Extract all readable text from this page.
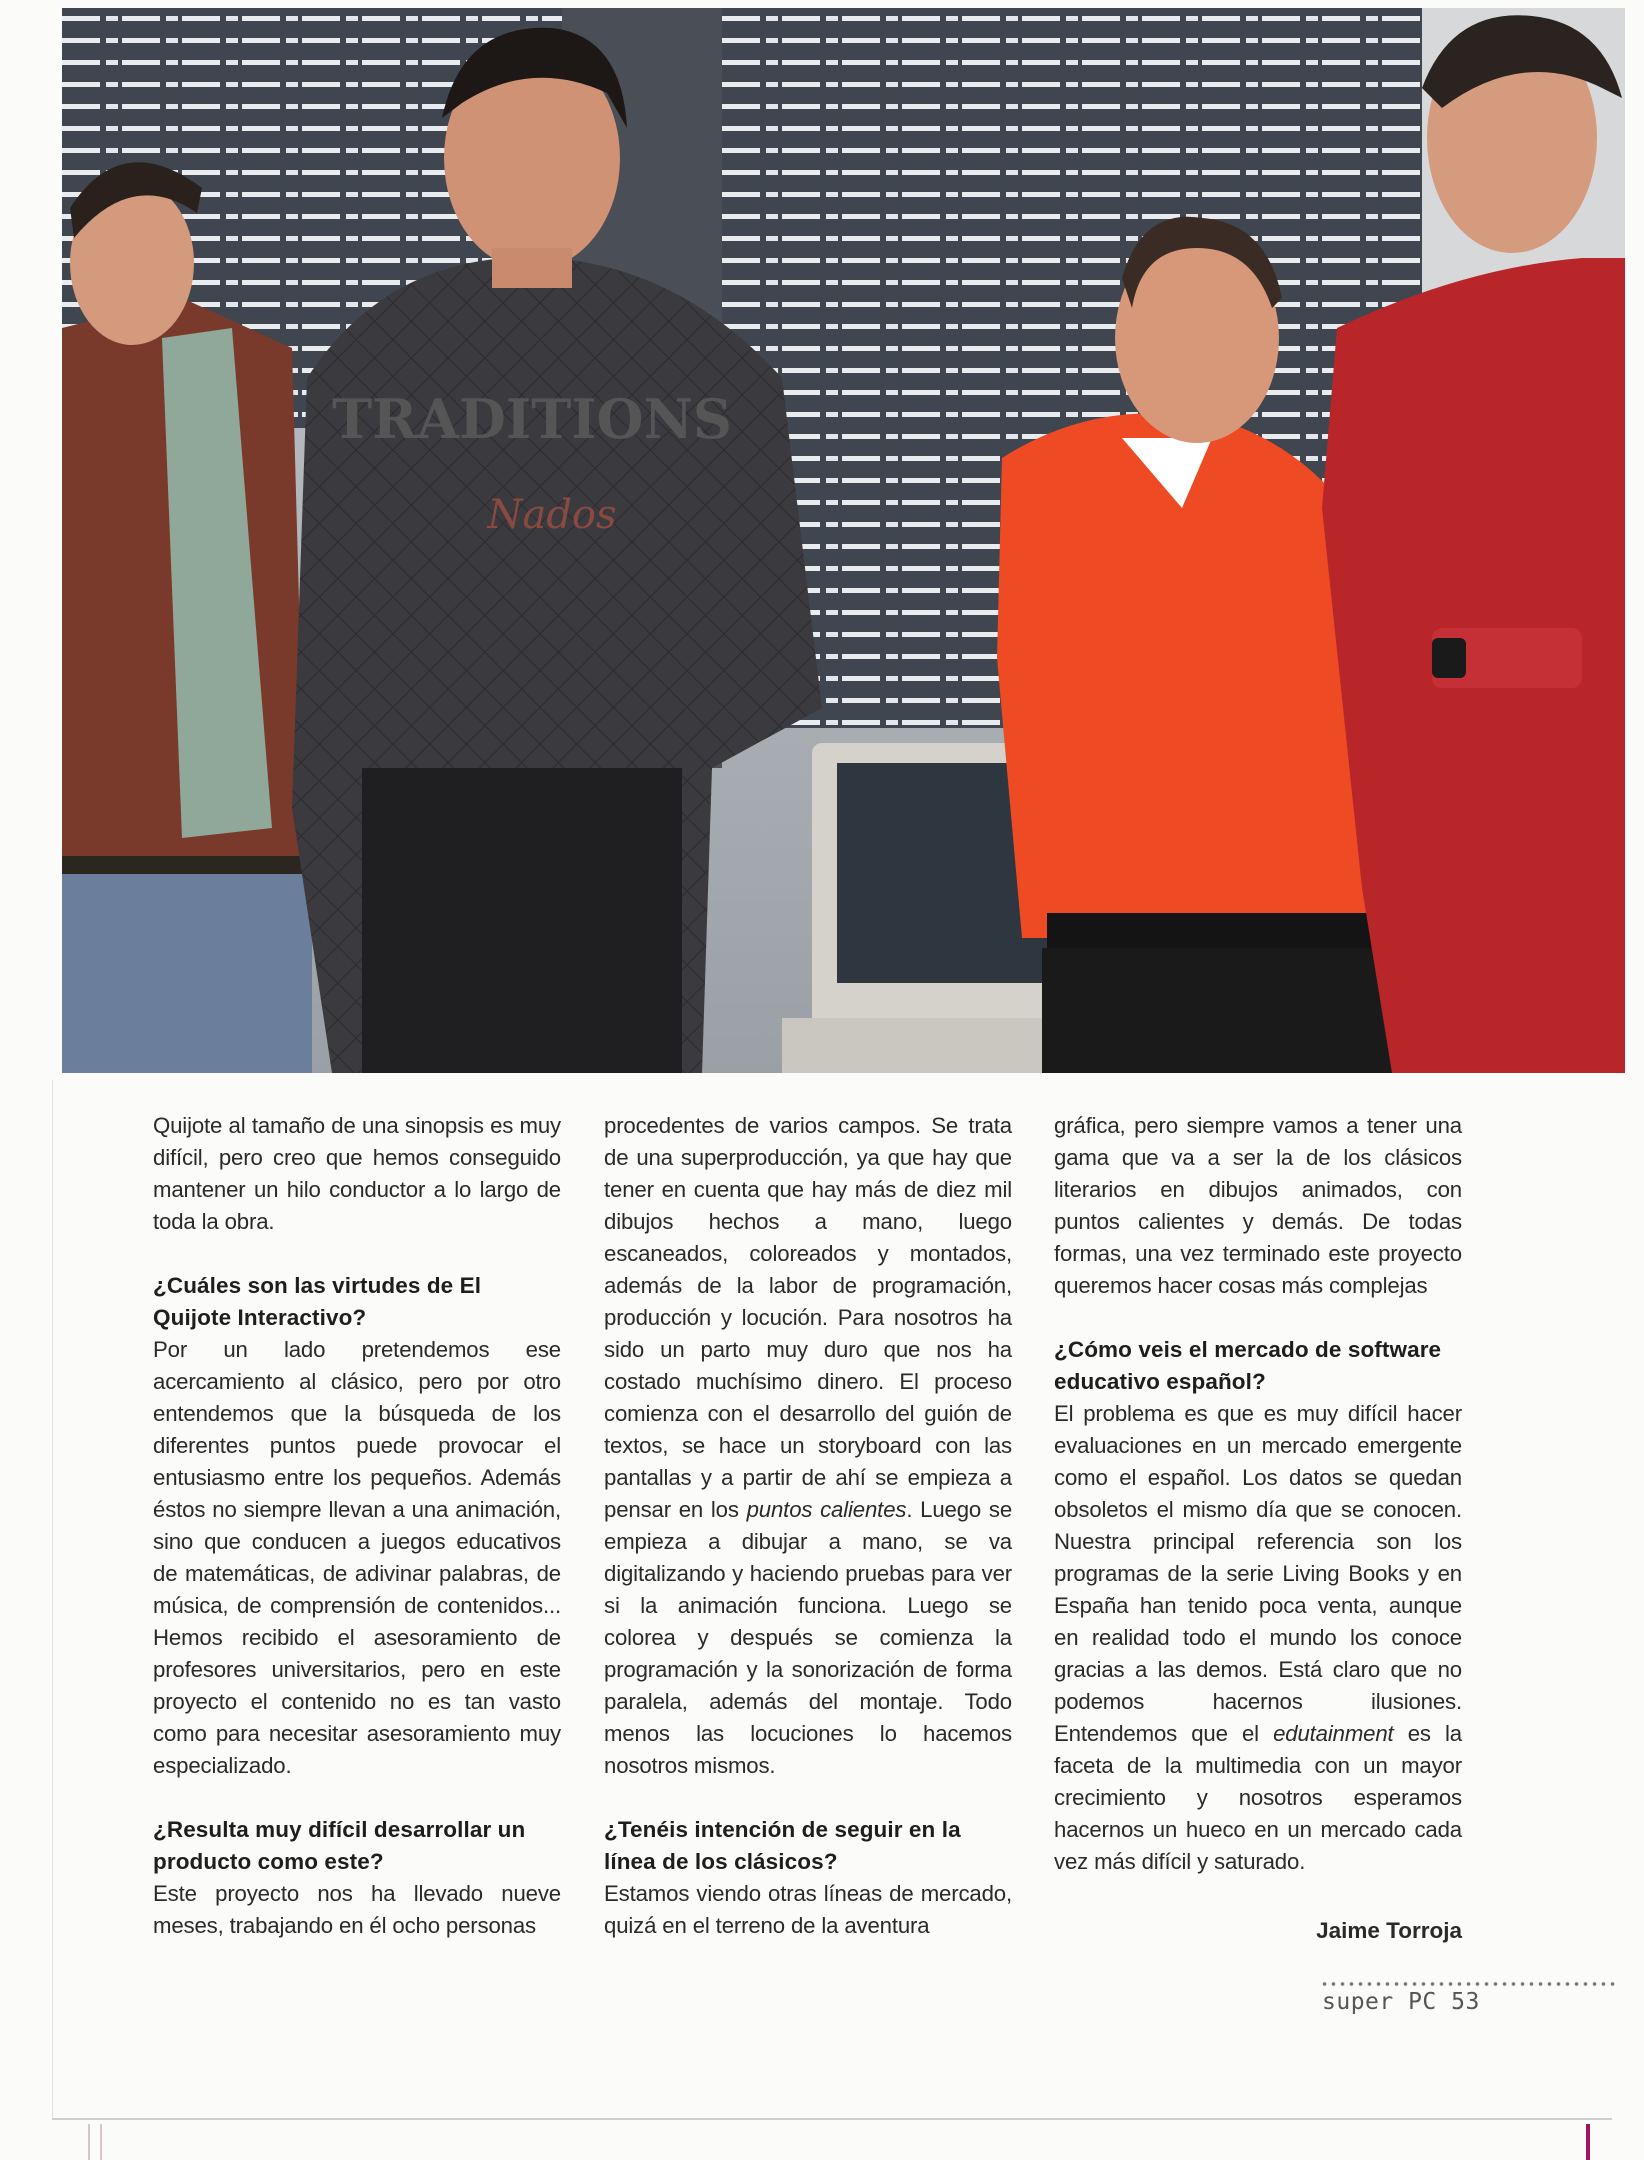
TRADITIONS
Nados

Quijote al tamaño de una sinopsis es muy difícil, pero creo que hemos conseguido mantener un hilo conductor a lo largo de toda la obra.

¿Cuáles son las virtudes de El Quijote Interactivo?

Por un lado pretendemos ese acercamiento al clásico, pero por otro entendemos que la búsqueda de los diferentes puntos puede provocar el entusiasmo entre los pequeños. Además éstos no siempre llevan a una animación, sino que conducen a juegos educativos de matemáticas, de adivinar palabras, de música, de comprensión de contenidos... Hemos recibido el asesoramiento de profesores universitarios, pero en este proyecto el contenido no es tan vasto como para necesitar asesoramiento muy especializado.

¿Resulta muy difícil desarrollar un producto como este?

Este proyecto nos ha llevado nueve meses, trabajando en él ocho personas

procedentes de varios campos. Se trata de una superproducción, ya que hay que tener en cuenta que hay más de diez mil dibujos hechos a mano, luego escaneados, coloreados y montados, además de la labor de programación, producción y locución. Para nosotros ha sido un parto muy duro que nos ha costado muchísimo dinero. El proceso comienza con el desarrollo del guión de textos, se hace un storyboard con las pantallas y a partir de ahí se empieza a pensar en los puntos calientes. Luego se empieza a dibujar a mano, se va digitalizando y haciendo pruebas para ver si la animación funciona. Luego se colorea y después se comienza la programación y la sonorización de forma paralela, además del montaje. Todo menos las locuciones lo hacemos nosotros mismos.

¿Tenéis intención de seguir en la línea de los clásicos?

Estamos viendo otras líneas de mercado, quizá en el terreno de la aventura

gráfica, pero siempre vamos a tener una gama que va a ser la de los clásicos literarios en dibujos animados, con puntos calientes y demás. De todas formas, una vez terminado este proyecto queremos hacer cosas más complejas

¿Cómo veis el mercado de software educativo español?

El problema es que es muy difícil hacer evaluaciones en un mercado emergente como el español. Los datos se quedan obsoletos el mismo día que se conocen. Nuestra principal referencia son los programas de la serie Living Books y en España han tenido poca venta, aunque en realidad todo el mundo los conoce gracias a las demos. Está claro que no podemos hacernos ilusiones. Entendemos que el edutainment es la faceta de la multimedia con un mayor crecimiento y nosotros esperamos hacernos un hueco en un mercado cada vez más difícil y saturado.

Jaime Torroja
super PC 53
